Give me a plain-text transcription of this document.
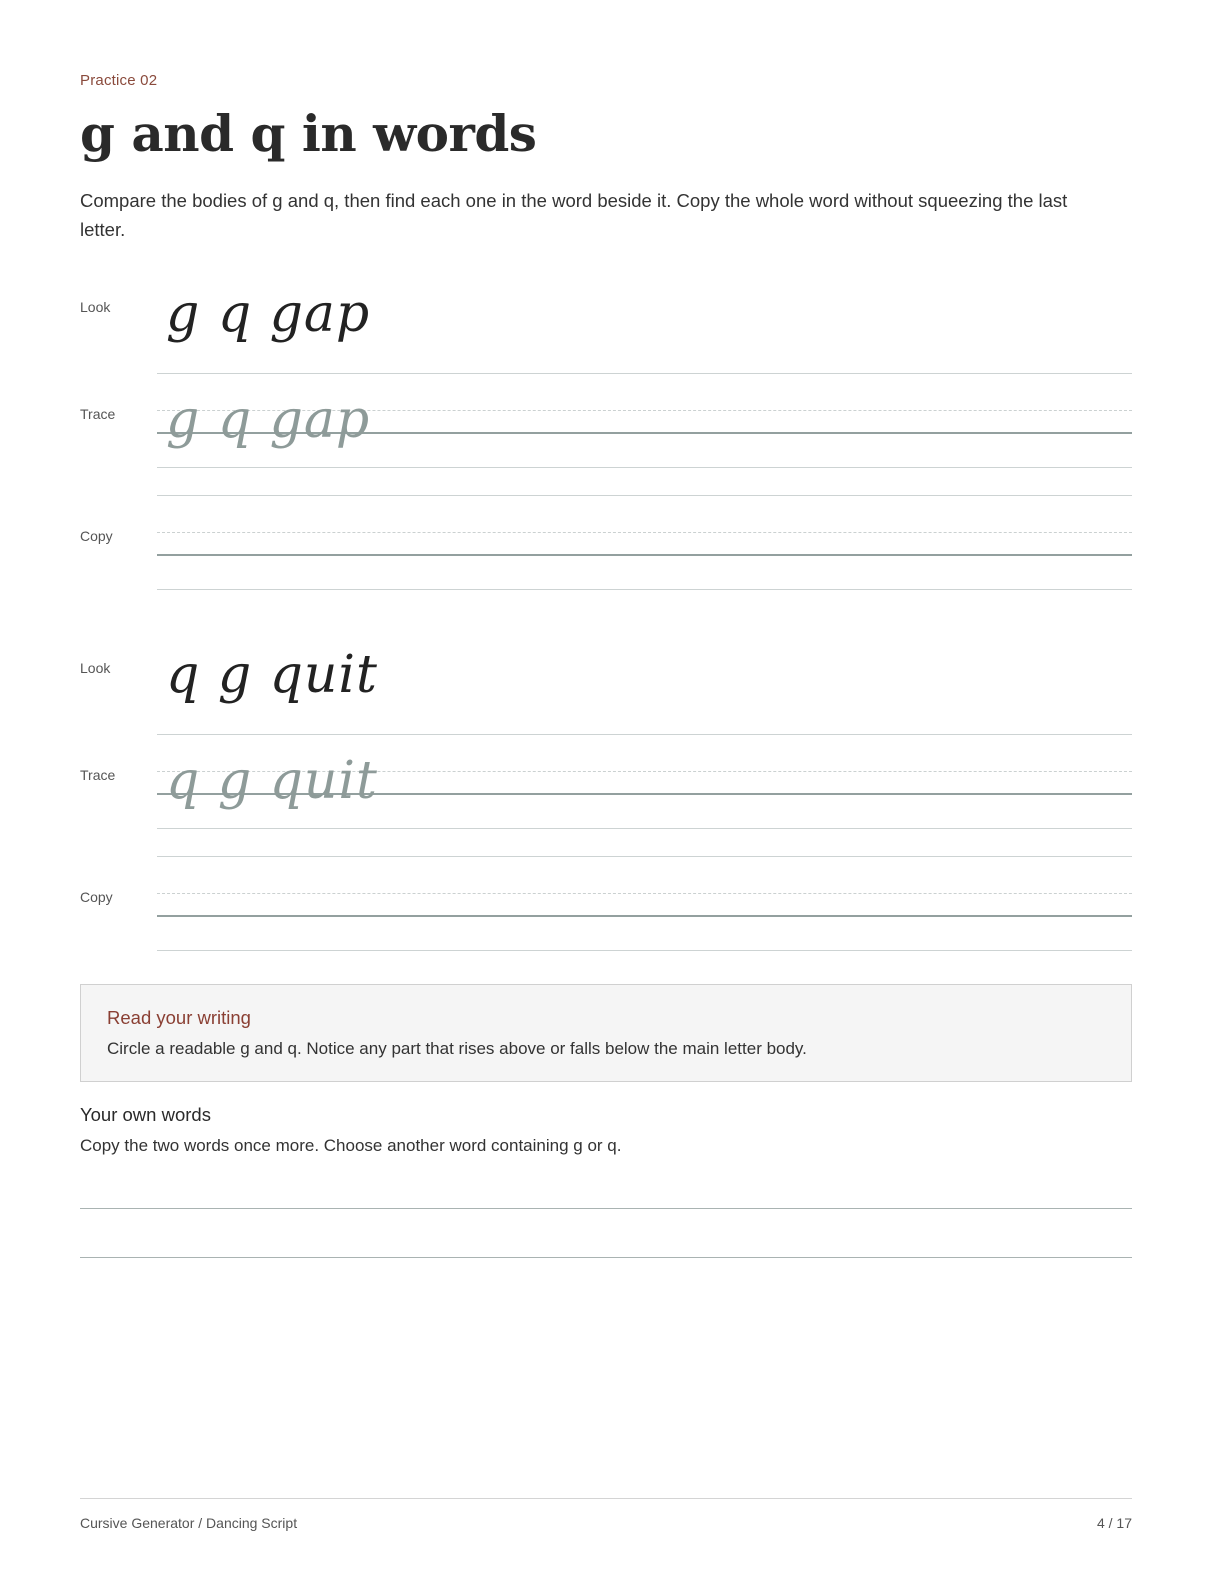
Practice 02
g and q in words

Compare the bodies of g and q, then find each one in the word beside it. Copy the whole word without squeezing the last letter.

Look g q gap
Trace g q gap
Copy
Look q g quit
Trace q g quit
Copy
Read your writing
Circle a readable g and q. Notice any part that rises above or falls below the main letter body.
Your own words
Copy the two words once more. Choose another word containing g or q.
Cursive Generator / Dancing Script	4 / 17
